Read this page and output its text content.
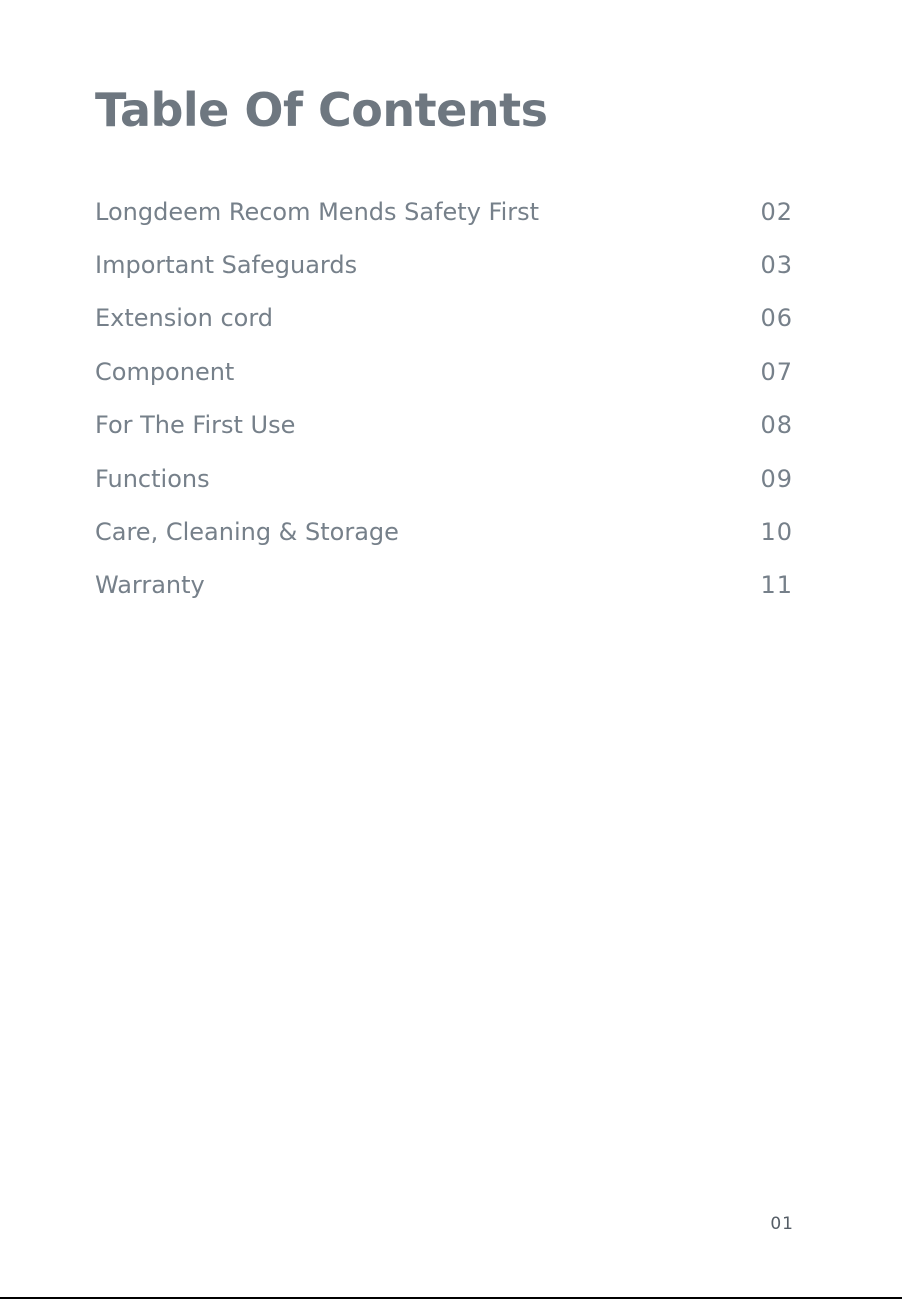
Table Of Contents
Longdeem Recom Mends Safety First	02
Important Safeguards	03
Extension cord	06
Component	07
For The First Use	08
Functions	09
Care, Cleaning & Storage	10
Warranty	11
01
